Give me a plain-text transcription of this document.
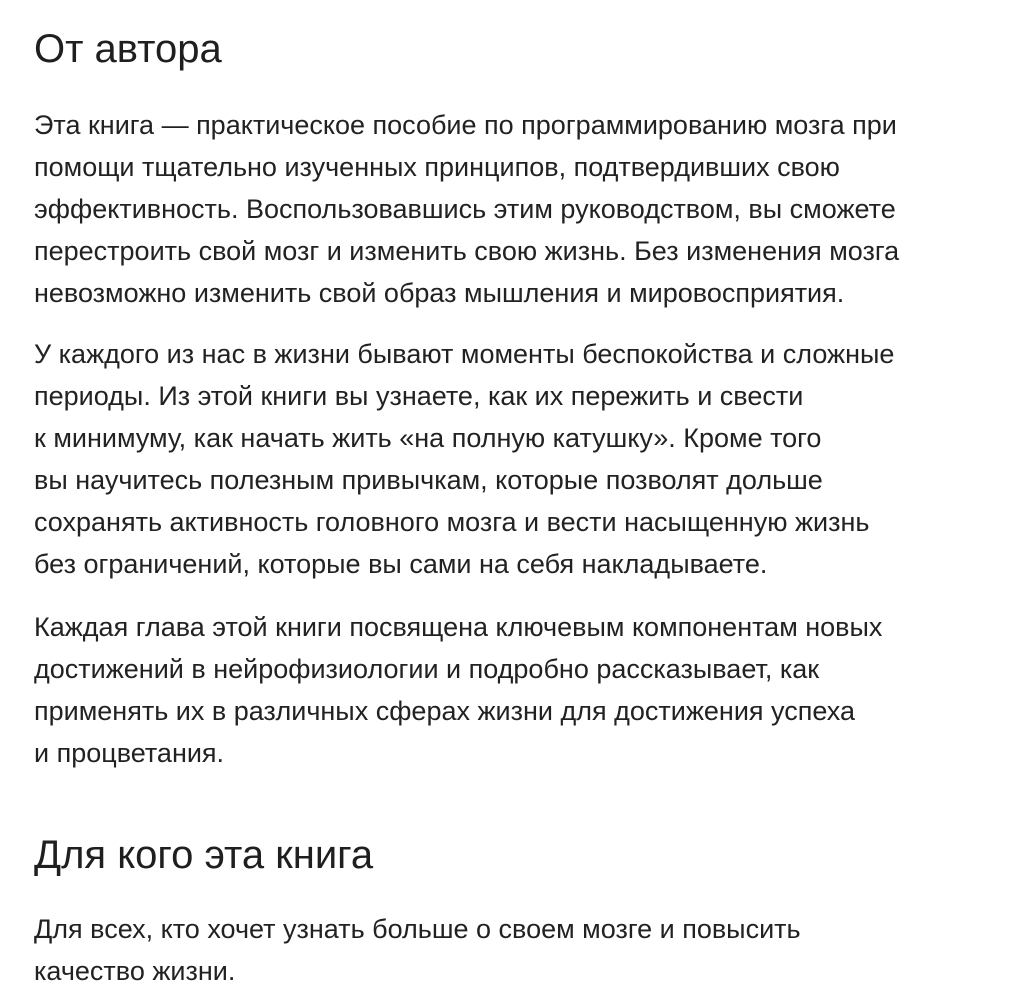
От автора

Эта книга — практическое пособие по программированию мозга при
помощи тщательно изученных принципов, подтвердивших свою
эффективность. Воспользовавшись этим руководством, вы сможете
перестроить свой мозг и изменить свою жизнь. Без изменения мозга
невозможно изменить свой образ мышления и мировосприятия.

У каждого из нас в жизни бывают моменты беспокойства и сложные
периоды. Из этой книги вы узнаете, как их пережить и свести
к минимуму, как начать жить «на полную катушку». Кроме того
вы научитесь полезным привычкам, которые позволят дольше
сохранять активность головного мозга и вести насыщенную жизнь
без ограничений, которые вы сами на себя накладываете.

Каждая глава этой книги посвящена ключевым компонентам новых
достижений в нейрофизиологии и подробно рассказывает, как
применять их в различных сферах жизни для достижения успеха
и процветания.

Для кого эта книга

Для всех, кто хочет узнать больше о своем мозге и повысить
качество жизни.
